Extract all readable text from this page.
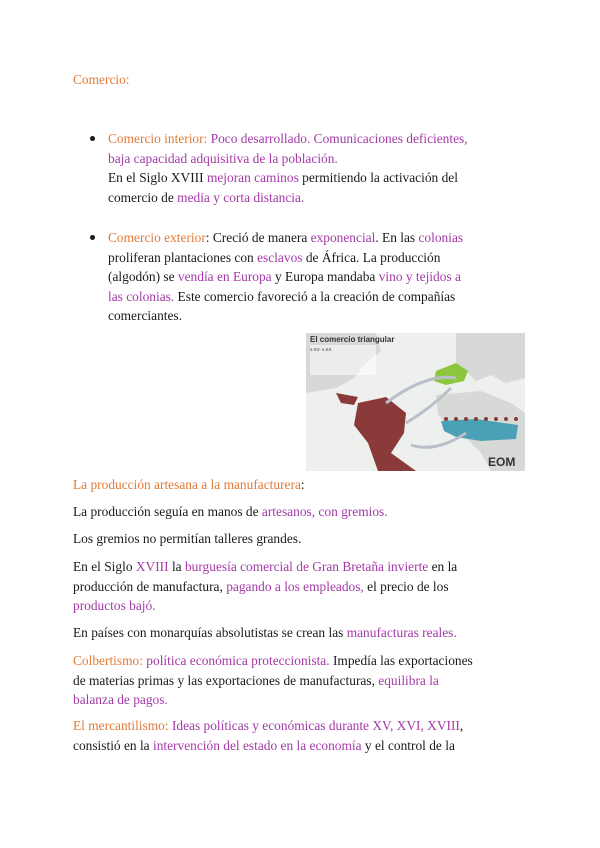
Comercio:

Comercio interior: Poco desarrollado. Comunicaciones deficientes,
baja capacidad adquisitiva de la población.
En el Siglo XVIII mejoran caminos permitiendo la activación del
comercio de media y corta distancia.
Comercio exterior: Creció de manera exponencial. En las colonias
proliferan plantaciones con esclavos de África. La producción
(algodón) se vendía en Europa y Europa mandaba vino y tejidos a
las colonias. Este comercio favoreció a la creación de compañías
comerciantes.
El comercio triangular
s.XV- s.XX
EOM

La producción artesana a la manufacturera:

La producción seguía en manos de artesanos, con gremios.

Los gremios no permitían talleres grandes.

En el Siglo XVIII la burguesía comercial de Gran Bretaña invierte en la
producción de manufactura, pagando a los empleados, el precio de los
productos bajó.

En países con monarquías absolutistas se crean las manufacturas reales.

Colbertismo: política económica proteccionista. Impedía las exportaciones
de materias primas y las exportaciones de manufacturas, equilibra la
balanza de pagos.

El mercantilismo: Ideas políticas y económicas durante XV, XVI, XVIII,
consistió en la intervención del estado en la economía y el control de la
